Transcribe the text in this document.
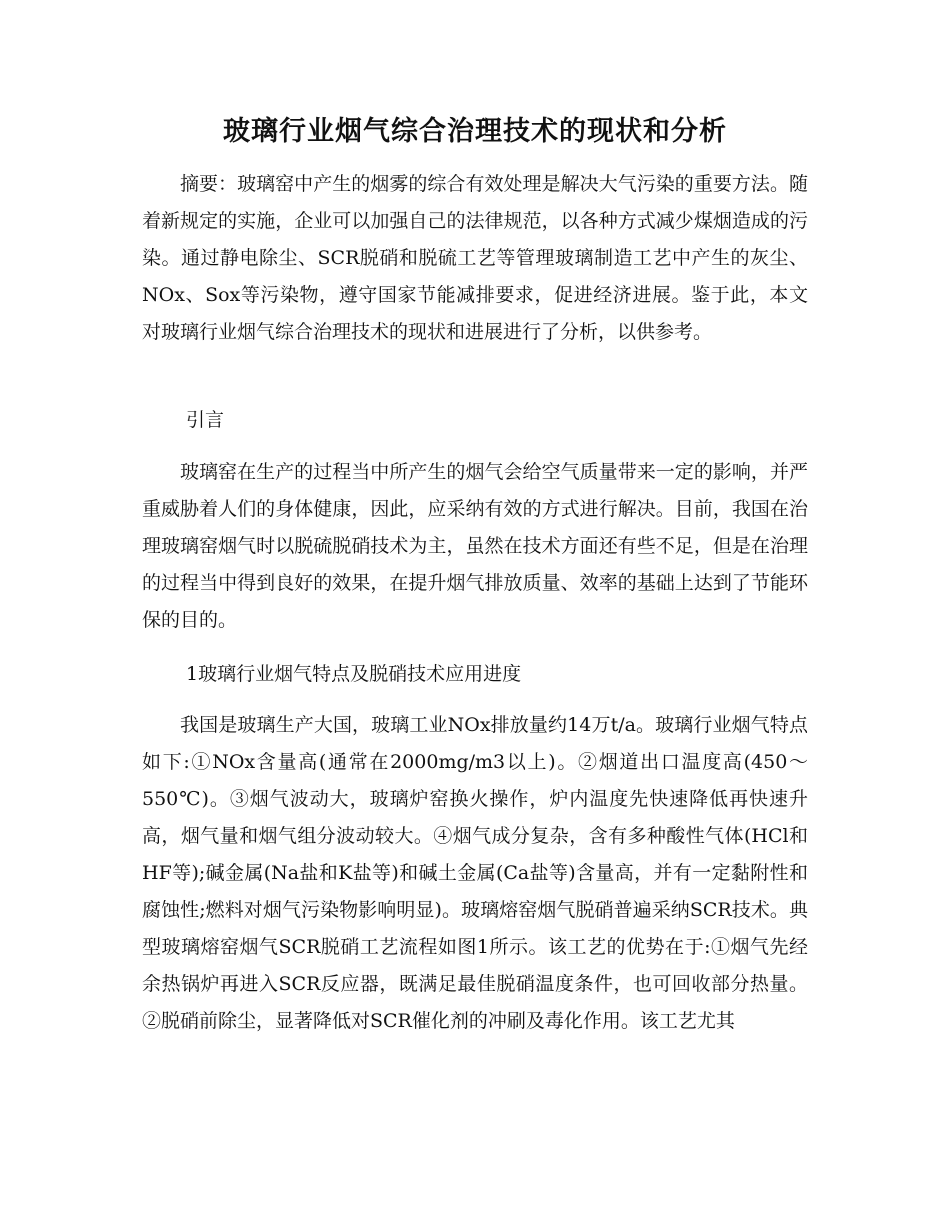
玻璃行业烟气综合治理技术的现状和分析

摘要：玻璃窑中产生的烟雾的综合有效处理是解决大气污染的重要方法。随着新规定的实施，企业可以加强自己的法律规范，以各种方式减少煤烟造成的污染。通过静电除尘、SCR脱硝和脱硫工艺等管理玻璃制造工艺中产生的灰尘、NOx、Sox等污染物，遵守国家节能减排要求，促进经济进展。鉴于此，本文对玻璃行业烟气综合治理技术的现状和进展进行了分析，以供参考。

引言

玻璃窑在生产的过程当中所产生的烟气会给空气质量带来一定的影响，并严重威胁着人们的身体健康，因此，应采纳有效的方式进行解决。目前，我国在治理玻璃窑烟气时以脱硫脱硝技术为主，虽然在技术方面还有些不足，但是在治理的过程当中得到良好的效果，在提升烟气排放质量、效率的基础上达到了节能环保的目的。

1玻璃行业烟气特点及脱硝技术应用进度

我国是玻璃生产大国，玻璃工业NOx排放量约14万t/a。玻璃行业烟气特点如下:①NOx含量高(通常在2000mg/m3以上)。②烟道出口温度高(450～550℃)。③烟气波动大，玻璃炉窑换火操作，炉内温度先快速降低再快速升高，烟气量和烟气组分波动较大。④烟气成分复杂，含有多种酸性气体(HCl和HF等);碱金属(Na盐和K盐等)和碱土金属(Ca盐等)含量高，并有一定黏附性和腐蚀性;燃料对烟气污染物影响明显)。玻璃熔窑烟气脱硝普遍采纳SCR技术。典型玻璃熔窑烟气SCR脱硝工艺流程如图1所示。该工艺的优势在于:①烟气先经余热锅炉再进入SCR反应器，既满足最佳脱硝温度条件，也可回收部分热量。②脱硝前除尘，显著降低对SCR催化剂的冲刷及毒化作用。该工艺尤其
